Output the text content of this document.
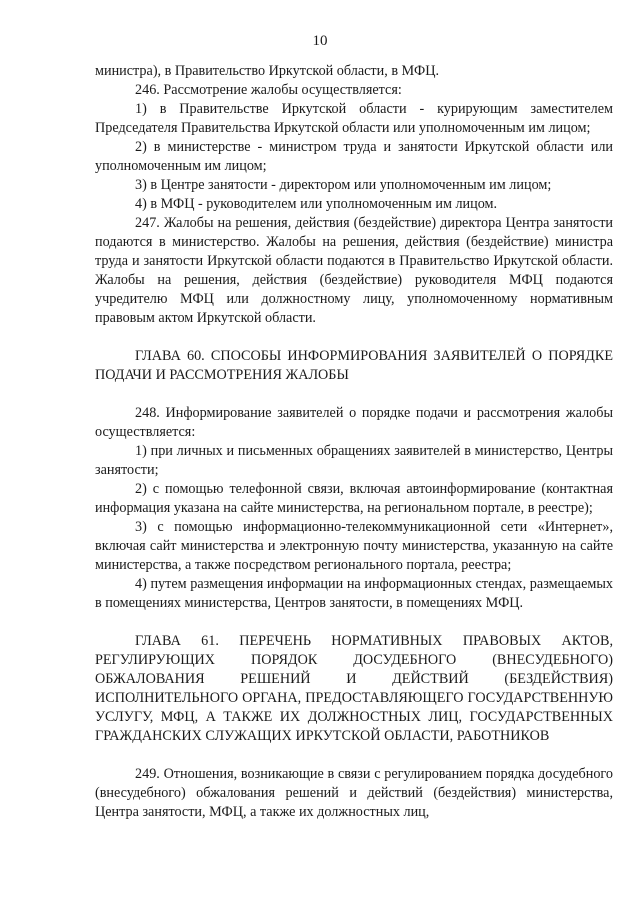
10

министра), в Правительство Иркутской области, в МФЦ.

246. Рассмотрение жалобы осуществляется:

1) в Правительстве Иркутской области - курирующим заместителем Председателя Правительства Иркутской области или уполномоченным им лицом;

2) в министерстве - министром труда и занятости Иркутской области или уполномоченным им лицом;

3) в Центре занятости - директором или уполномоченным им лицом;

4) в МФЦ - руководителем или уполномоченным им лицом.

247. Жалобы на решения, действия (бездействие) директора Центра занятости подаются в министерство. Жалобы на решения, действия (бездействие) министра труда и занятости Иркутской области подаются в Правительство Иркутской области. Жалобы на решения, действия (бездействие) руководителя МФЦ подаются учредителю МФЦ или должностному лицу, уполномоченному нормативным правовым актом Иркутской области.

ГЛАВА 60. СПОСОБЫ ИНФОРМИРОВАНИЯ ЗАЯВИТЕЛЕЙ О ПОРЯДКЕ ПОДАЧИ И РАССМОТРЕНИЯ ЖАЛОБЫ

248. Информирование заявителей о порядке подачи и рассмотрения жалобы осуществляется:

1) при личных и письменных обращениях заявителей в министерство, Центры занятости;

2) с помощью телефонной связи, включая автоинформирование (контактная информация указана на сайте министерства, на региональном портале, в реестре);

3) с помощью информационно-телекоммуникационной сети «Интернет», включая сайт министерства и электронную почту министерства, указанную на сайте министерства, а также посредством регионального портала, реестра;

4) путем размещения информации на информационных стендах, размещаемых в помещениях министерства, Центров занятости, в помещениях МФЦ.

ГЛАВА 61. ПЕРЕЧЕНЬ НОРМАТИВНЫХ ПРАВОВЫХ АКТОВ, РЕГУЛИРУЮЩИХ ПОРЯДОК ДОСУДЕБНОГО (ВНЕСУДЕБНОГО) ОБЖАЛОВАНИЯ РЕШЕНИЙ И ДЕЙСТВИЙ (БЕЗДЕЙСТВИЯ) ИСПОЛНИТЕЛЬНОГО ОРГАНА, ПРЕДОСТАВЛЯЮЩЕГО ГОСУДАРСТВЕННУЮ УСЛУГУ, МФЦ, А ТАКЖЕ ИХ ДОЛЖНОСТНЫХ ЛИЦ, ГОСУДАРСТВЕННЫХ ГРАЖДАНСКИХ СЛУЖАЩИХ ИРКУТСКОЙ ОБЛАСТИ, РАБОТНИКОВ

249. Отношения, возникающие в связи с регулированием порядка досудебного (внесудебного) обжалования решений и действий (бездействия) министерства, Центра занятости, МФЦ, а также их должностных лиц,
